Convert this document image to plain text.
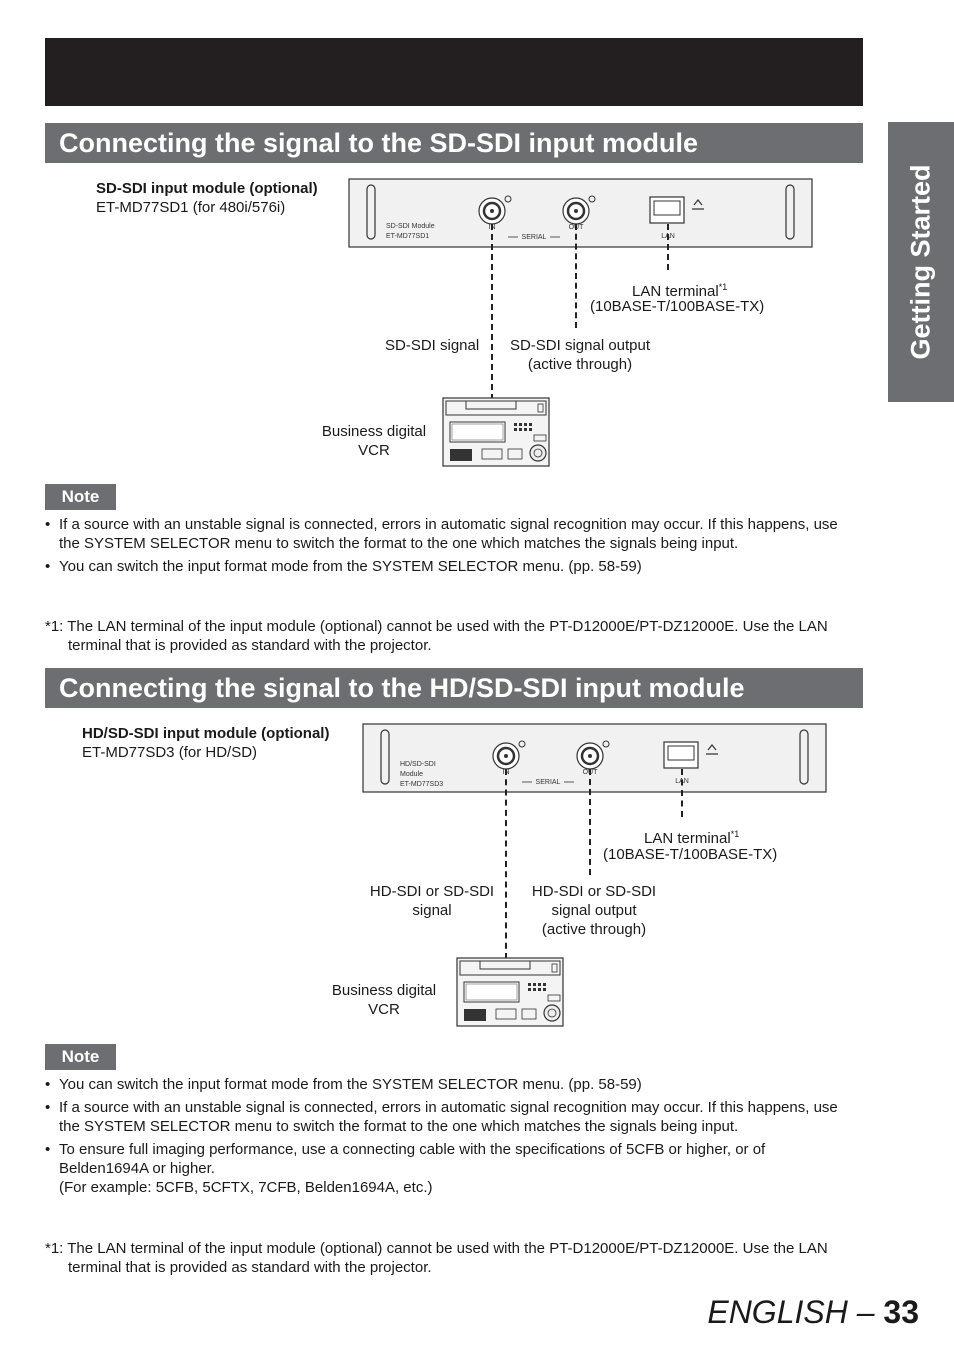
Getting Started
Connecting the signal to the SD-SDI input module
SD-SDI input module (optional)
ET-MD77SD1 (for 480i/576i)
SD-SDI Module
ET-MD77SD1
IN	OUT
SERIAL	LAN
LAN terminal$^{*1}$
(10BASE-T/100BASE-TX)
SD-SDI signal	SD-SDI signal output
(active through)
Business digital
VCR
Note
• If a source with an unstable signal is connected, errors in automatic signal recognition may occur. If this happens, use the SYSTEM SELECTOR menu to switch the format to the one which matches the signals being input.
• You can switch the input format mode from the SYSTEM SELECTOR menu. (pp. 58-59)
*1: The LAN terminal of the input module (optional) cannot be used with the PT-D12000E/PT-DZ12000E. Use the LAN terminal that is provided as standard with the projector.
Connecting the signal to the HD/SD-SDI input module
HD/SD-SDI input module (optional)
ET-MD77SD3 (for HD/SD)
HD/SD-SDI
Module
ET-MD77SD3
IN	OUT
SERIAL	LAN
LAN terminal$^{*1}$
(10BASE-T/100BASE-TX)
HD-SDI or SD-SDI
signal
HD-SDI or SD-SDI
signal output
(active through)
Business digital
VCR
Note
• You can switch the input format mode from the SYSTEM SELECTOR menu. (pp. 58-59)
• If a source with an unstable signal is connected, errors in automatic signal recognition may occur. If this happens, use the SYSTEM SELECTOR menu to switch the format to the one which matches the signals being input.
• To ensure full imaging performance, use a connecting cable with the specifications of 5CFB or higher, or of Belden1694A or higher.
(For example: 5CFB, 5CFTX, 7CFB, Belden1694A, etc.)
*1: The LAN terminal of the input module (optional) cannot be used with the PT-D12000E/PT-DZ12000E. Use the LAN terminal that is provided as standard with the projector.
ENGLISH – 33
